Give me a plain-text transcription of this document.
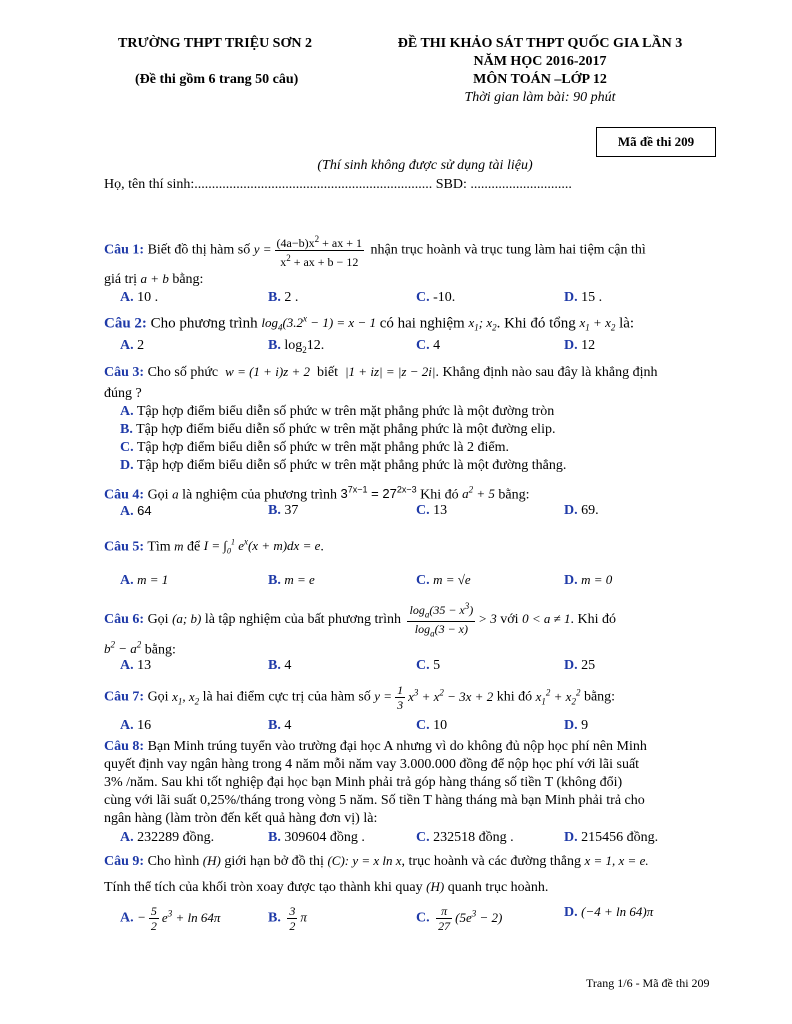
TRƯỜNG THPT TRIỆU SƠN 2
(Đề thi gồm 6 trang 50 câu)
ĐỀ THI KHẢO SÁT THPT QUỐC GIA LẦN 3
NĂM HỌC 2016-2017
MÔN TOÁN –LỚP 12
Thời gian làm bài: 90 phút
Mã đề thi 209
(Thí sinh không được sử dụng tài liệu)
Họ, tên thí sinh:.................................................................... SBD: .............................
Câu 1: Biết đồ thị hàm số $y = \frac{(4a-b)x^2 + ax + 1}{x^2 + ax + b - 12}$ nhận trục hoành và trục tung làm hai tiệm cận thì
giá trị a + b bằng:
A. 10 .	B. 2 .	C. -10.	D. 15 .
Câu 2: Cho phương trình $\log_4(3.2^x - 1) = x - 1$ có hai nghiệm $x_1$; $x_2$. Khi đó tổng $x_1 + x_2$ là:
A. 2	B. $\log_212$.	C. 4	D. 12
Câu 3: Cho số phức w = (1 + i)z + 2 biết |1 + iz| = |z − 2i|. Khẳng định nào sau đây là khẳng định
đúng ?
A. Tập hợp điểm biểu diễn số phức w trên mặt phẳng phức là một đường tròn
B. Tập hợp điểm biểu diễn số phức w trên mặt phẳng phức là một đường elip.
C. Tập hợp điểm biểu diễn số phức w trên mặt phẳng phức là 2 điểm.
D. Tập hợp điểm biểu diễn số phức w trên mặt phẳng phức là một đường thẳng.
Câu 4: Gọi a là nghiệm của phương trình $3^{7x-1} = 27^{2x-3}$ Khi đó $a^2 + 5$ bằng:
A. 64	B. 37	C. 13	D. 69.
Câu 5: Tìm m để $I = \int_0^1$ $e^x(x + m)dx = e$.
A. m = 1	B. m = e	C. m = √e	D. m = 0
Câu 6: Gọi (a; b) là tập nghiệm của bất phương trình $\frac{\log_a(35 - x^3)}{\log_a(3 - x)} > 3$ với 0 < a ≠ 1. Khi đó
$b^2 - a^2$ bằng:
A. 13	B. 4	C. 5	D. 25
Câu 7: Gọi $x_1$, $x_2$ là hai điểm cực trị của hàm số $y = \frac{1}{3} x^3 + x^2 - 3x + 2$ khi đó $x_1^2 + x_2^2$ bằng:
A. 16	B. 4	C. 10	D. 9
Câu 8: Bạn Minh trúng tuyển vào trường đại học A nhưng vì do không đủ nộp học phí nên Minh
quyết định vay ngân hàng trong 4 năm mỗi năm vay 3.000.000 đồng để nộp học phí với lãi suất
3% /năm. Sau khi tốt nghiệp đại học bạn Minh phải trả góp hàng tháng số tiền T (không đổi)
cùng với lãi suất 0,25%/tháng trong vòng 5 năm. Số tiền T hàng tháng mà bạn Minh phải trả cho
ngân hàng (làm tròn đến kết quả hàng đơn vị) là:
A. 232289 đồng.	B. 309604 đồng .	C. 232518 đồng .	D. 215456 đồng.
Câu 9: Cho hình (H) giới hạn bở đồ thị (C): y = x ln x, trục hoành và các đường thẳng x = 1, x = e.
Tính thể tích của khối tròn xoay được tạo thành khi quay (H) quanh trục hoành.
A. − $\frac{5}{2} e^3 + \ln 64\pi$	B. $\frac{3}{2}$ π	C. $\frac{\pi}{27} (5e^3 - 2)$	D. (−4 + ln 64)π
Trang 1/6 - Mã đề thi 209
